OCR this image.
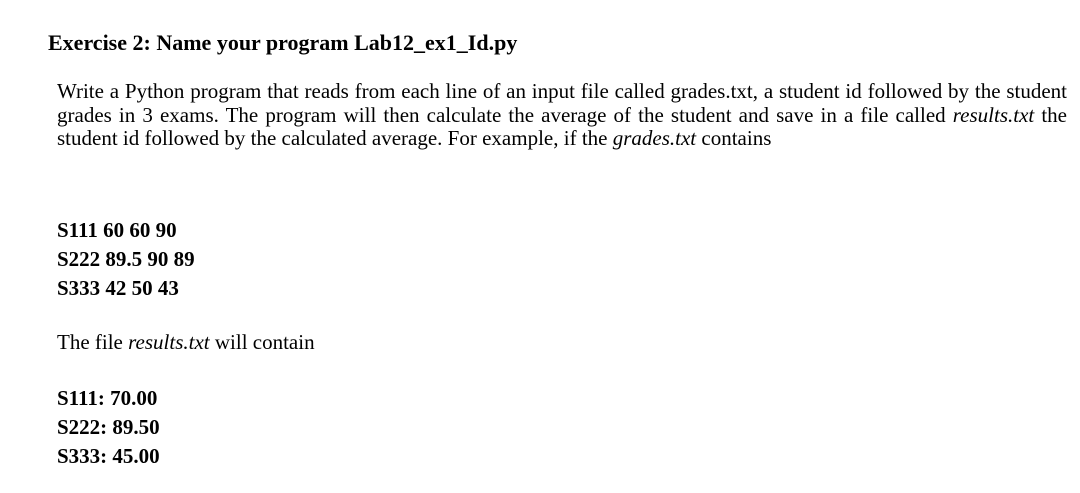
Exercise 2: Name your program Lab12_ex1_Id.py

Write a Python program that reads from each line of an input file called grades.txt, a student id followed by the student grades in 3 exams. The program will then calculate the average of the student and save in a file called results.txt the student id followed by the calculated average. For example, if the grades.txt contains

S111 60 60 90
S222 89.5 90 89
S333 42 50 43

The file results.txt will contain

S111: 70.00
S222: 89.50
S333: 45.00
